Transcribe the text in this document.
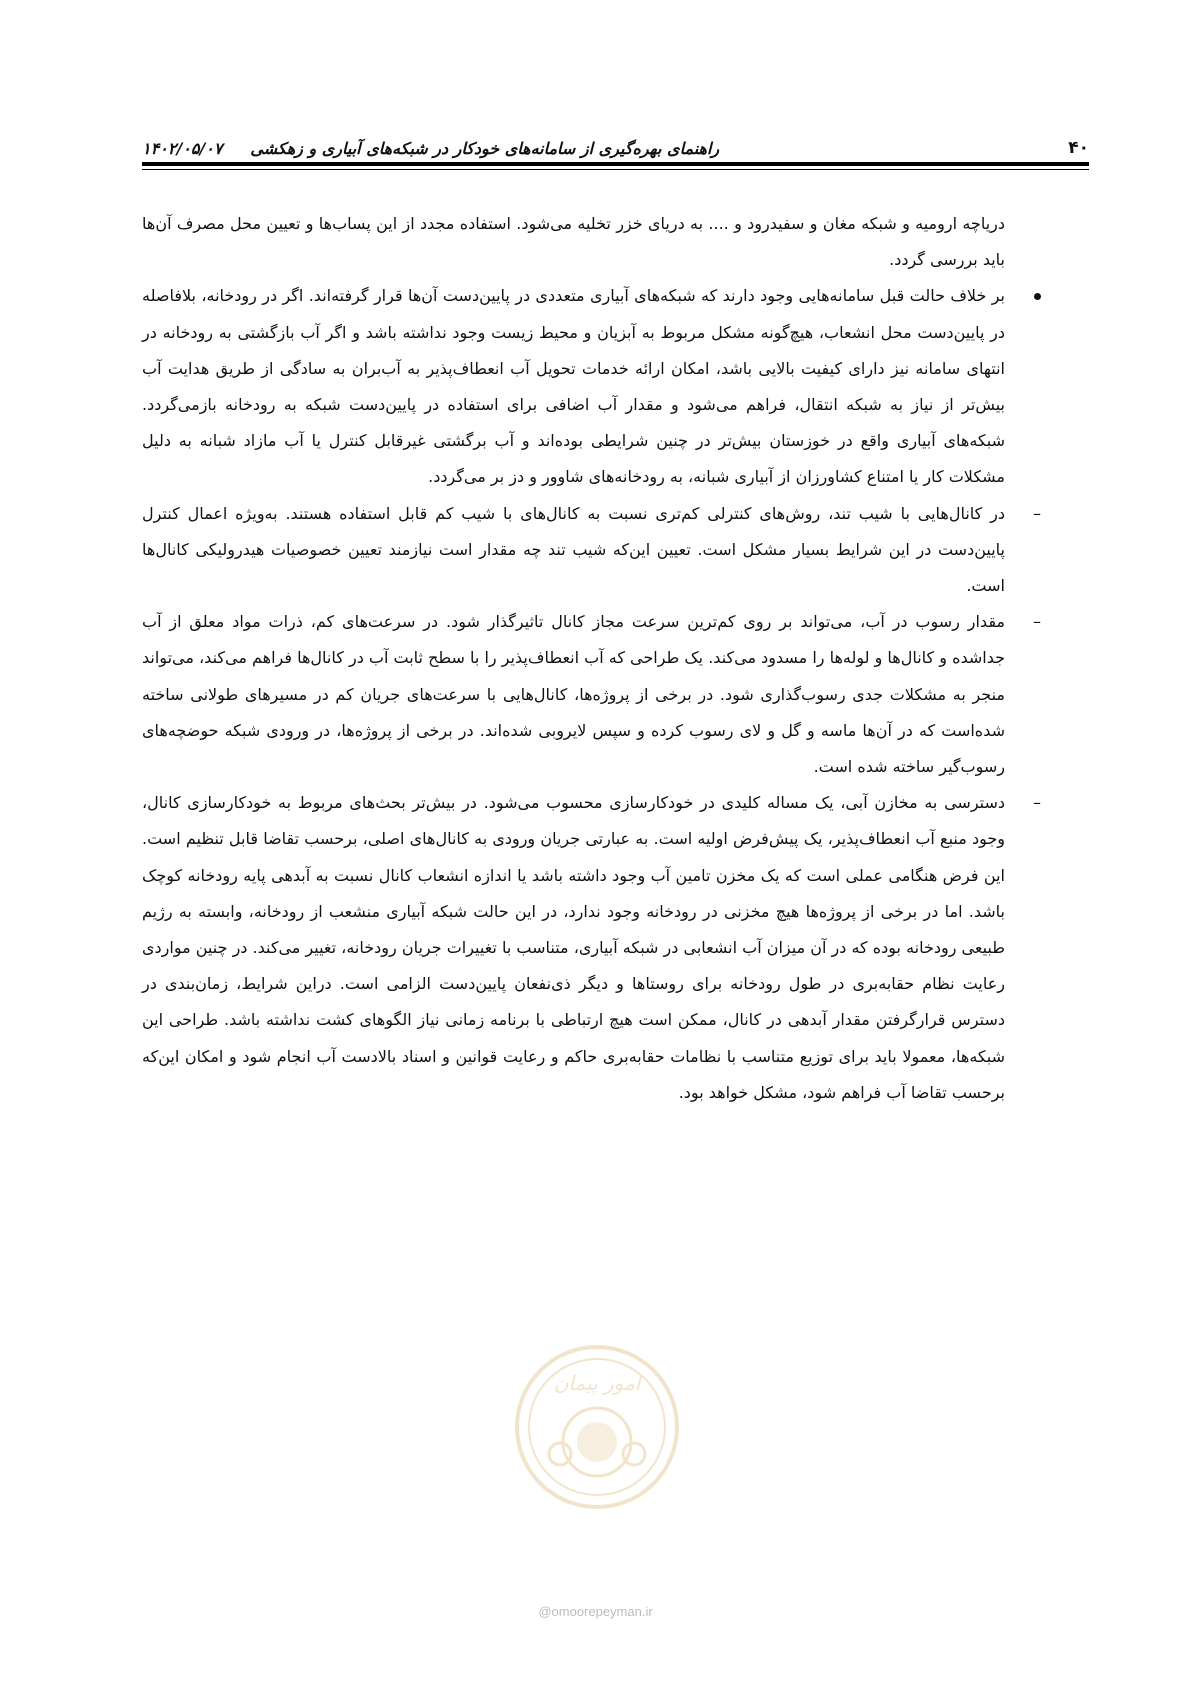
۴۰
راهنمای بهره‌گیری از سامانه‌های خودکار در شبکه‌های آبیاری و زهکشی     ۱۴۰۲/۰۵/۰۷

دریاچه ارومیه و شبکه مغان و سفیدرود و .... به دریای خزر تخلیه می‌شود. استفاده مجدد از این پساب‌ها و تعیین محل مصرف آن‌ها باید بررسی گردد.

بر خلاف حالت قبل سامانه‌هایی وجود دارند که شبکه‌های آبیاری متعددی در پایین‌دست آن‌ها قرار گرفته‌اند. اگر در رودخانه، بلافاصله در پایین‌دست محل انشعاب، هیچ‌گونه مشکل مربوط به آبزیان و محیط زیست وجود نداشته باشد و اگر آب بازگشتی به رودخانه در انتهای سامانه نیز دارای کیفیت بالایی باشد، امکان ارائه خدمات تحویل آب انعطاف‌پذیر به آب‌بران به سادگی از طریق هدایت آب بیش‌تر از نیاز به شبکه انتقال، فراهم می‌شود و مقدار آب اضافی برای استفاده در پایین‌دست شبکه به رودخانه بازمی‌گردد. شبکه‌های آبیاری واقع در خوزستان بیش‌تر در چنین شرایطی بوده‌اند و آب برگشتی غیرقابل کنترل یا آب مازاد شبانه به دلیل مشکلات کار یا امتناع کشاورزان از آبیاری شبانه، به رودخانه‌های شاوور و دز بر می‌گردد.

–

در کانال‌هایی با شیب تند، روش‌های کنترلی کم‌تری نسبت به کانال‌های با شیب کم قابل استفاده هستند. به‌ویژه اعمال کنترل پایین‌دست در این شرایط بسیار مشکل است. تعیین این‌که شیب تند چه مقدار است نیازمند تعیین خصوصیات هیدرولیکی کانال‌ها است.

–

مقدار رسوب در آب، می‌تواند بر روی کم‌ترین سرعت مجاز کانال تاثیرگذار شود. در سرعت‌های کم، ذرات مواد معلق از آب جداشده و کانال‌ها و لوله‌ها را مسدود می‌کند. یک طراحی که آب انعطاف‌پذیر را با سطح ثابت آب در کانال‌ها فراهم می‌کند، می‌تواند منجر به مشکلات جدی رسوب‌گذاری شود. در برخی از پروژه‌ها، کانال‌هایی با سرعت‌های جریان کم در مسیرهای طولانی ساخته شده‌است که در آن‌ها ماسه و گل و لای رسوب کرده و سپس لایروبی شده‌اند. در برخی از پروژه‌ها، در ورودی شبکه حوضچه‌های رسوب‌گیر ساخته شده است.

–

دسترسی به مخازن آبی، یک مساله کلیدی در خودکارسازی محسوب می‌شود. در بیش‌تر بحث‌های مربوط به خودکارسازی کانال، وجود منبع آب انعطاف‌پذیر، یک پیش‌فرض اولیه است. به عبارتی جریان ورودی به کانال‌های اصلی، برحسب تقاضا قابل تنظیم است. این فرض هنگامی عملی است که یک مخزن تامین آب وجود داشته باشد یا اندازه انشعاب کانال نسبت به آبدهی پایه رودخانه کوچک باشد. اما در برخی از پروژه‌ها هیچ مخزنی در رودخانه وجود ندارد، در این حالت شبکه آبیاری منشعب از رودخانه، وابسته به رژیم طبیعی رودخانه بوده که در آن میزان آب انشعابی در شبکه آبیاری، متناسب با تغییرات جریان رودخانه، تغییر می‌کند. در چنین مواردی رعایت نظام حقابه‌بری در طول رودخانه برای روستاها و دیگر ذی‌نفعان پایین‌دست الزامی است. دراین شرایط، زمان‌بندی در دسترس قرارگرفتن مقدار آبدهی در کانال، ممکن است هیچ ارتباطی با برنامه زمانی نیاز الگوهای کشت نداشته باشد. طراحی این شبکه‌ها، معمولا باید برای توزیع متناسب با نظامات حقابه‌بری حاکم و رعایت قوانین و اسناد بالادست آب انجام شود و امکان این‌که برحسب تقاضا آب فراهم شود، مشکل خواهد بود.

امور پیمان
@omoorepeyman.ir
